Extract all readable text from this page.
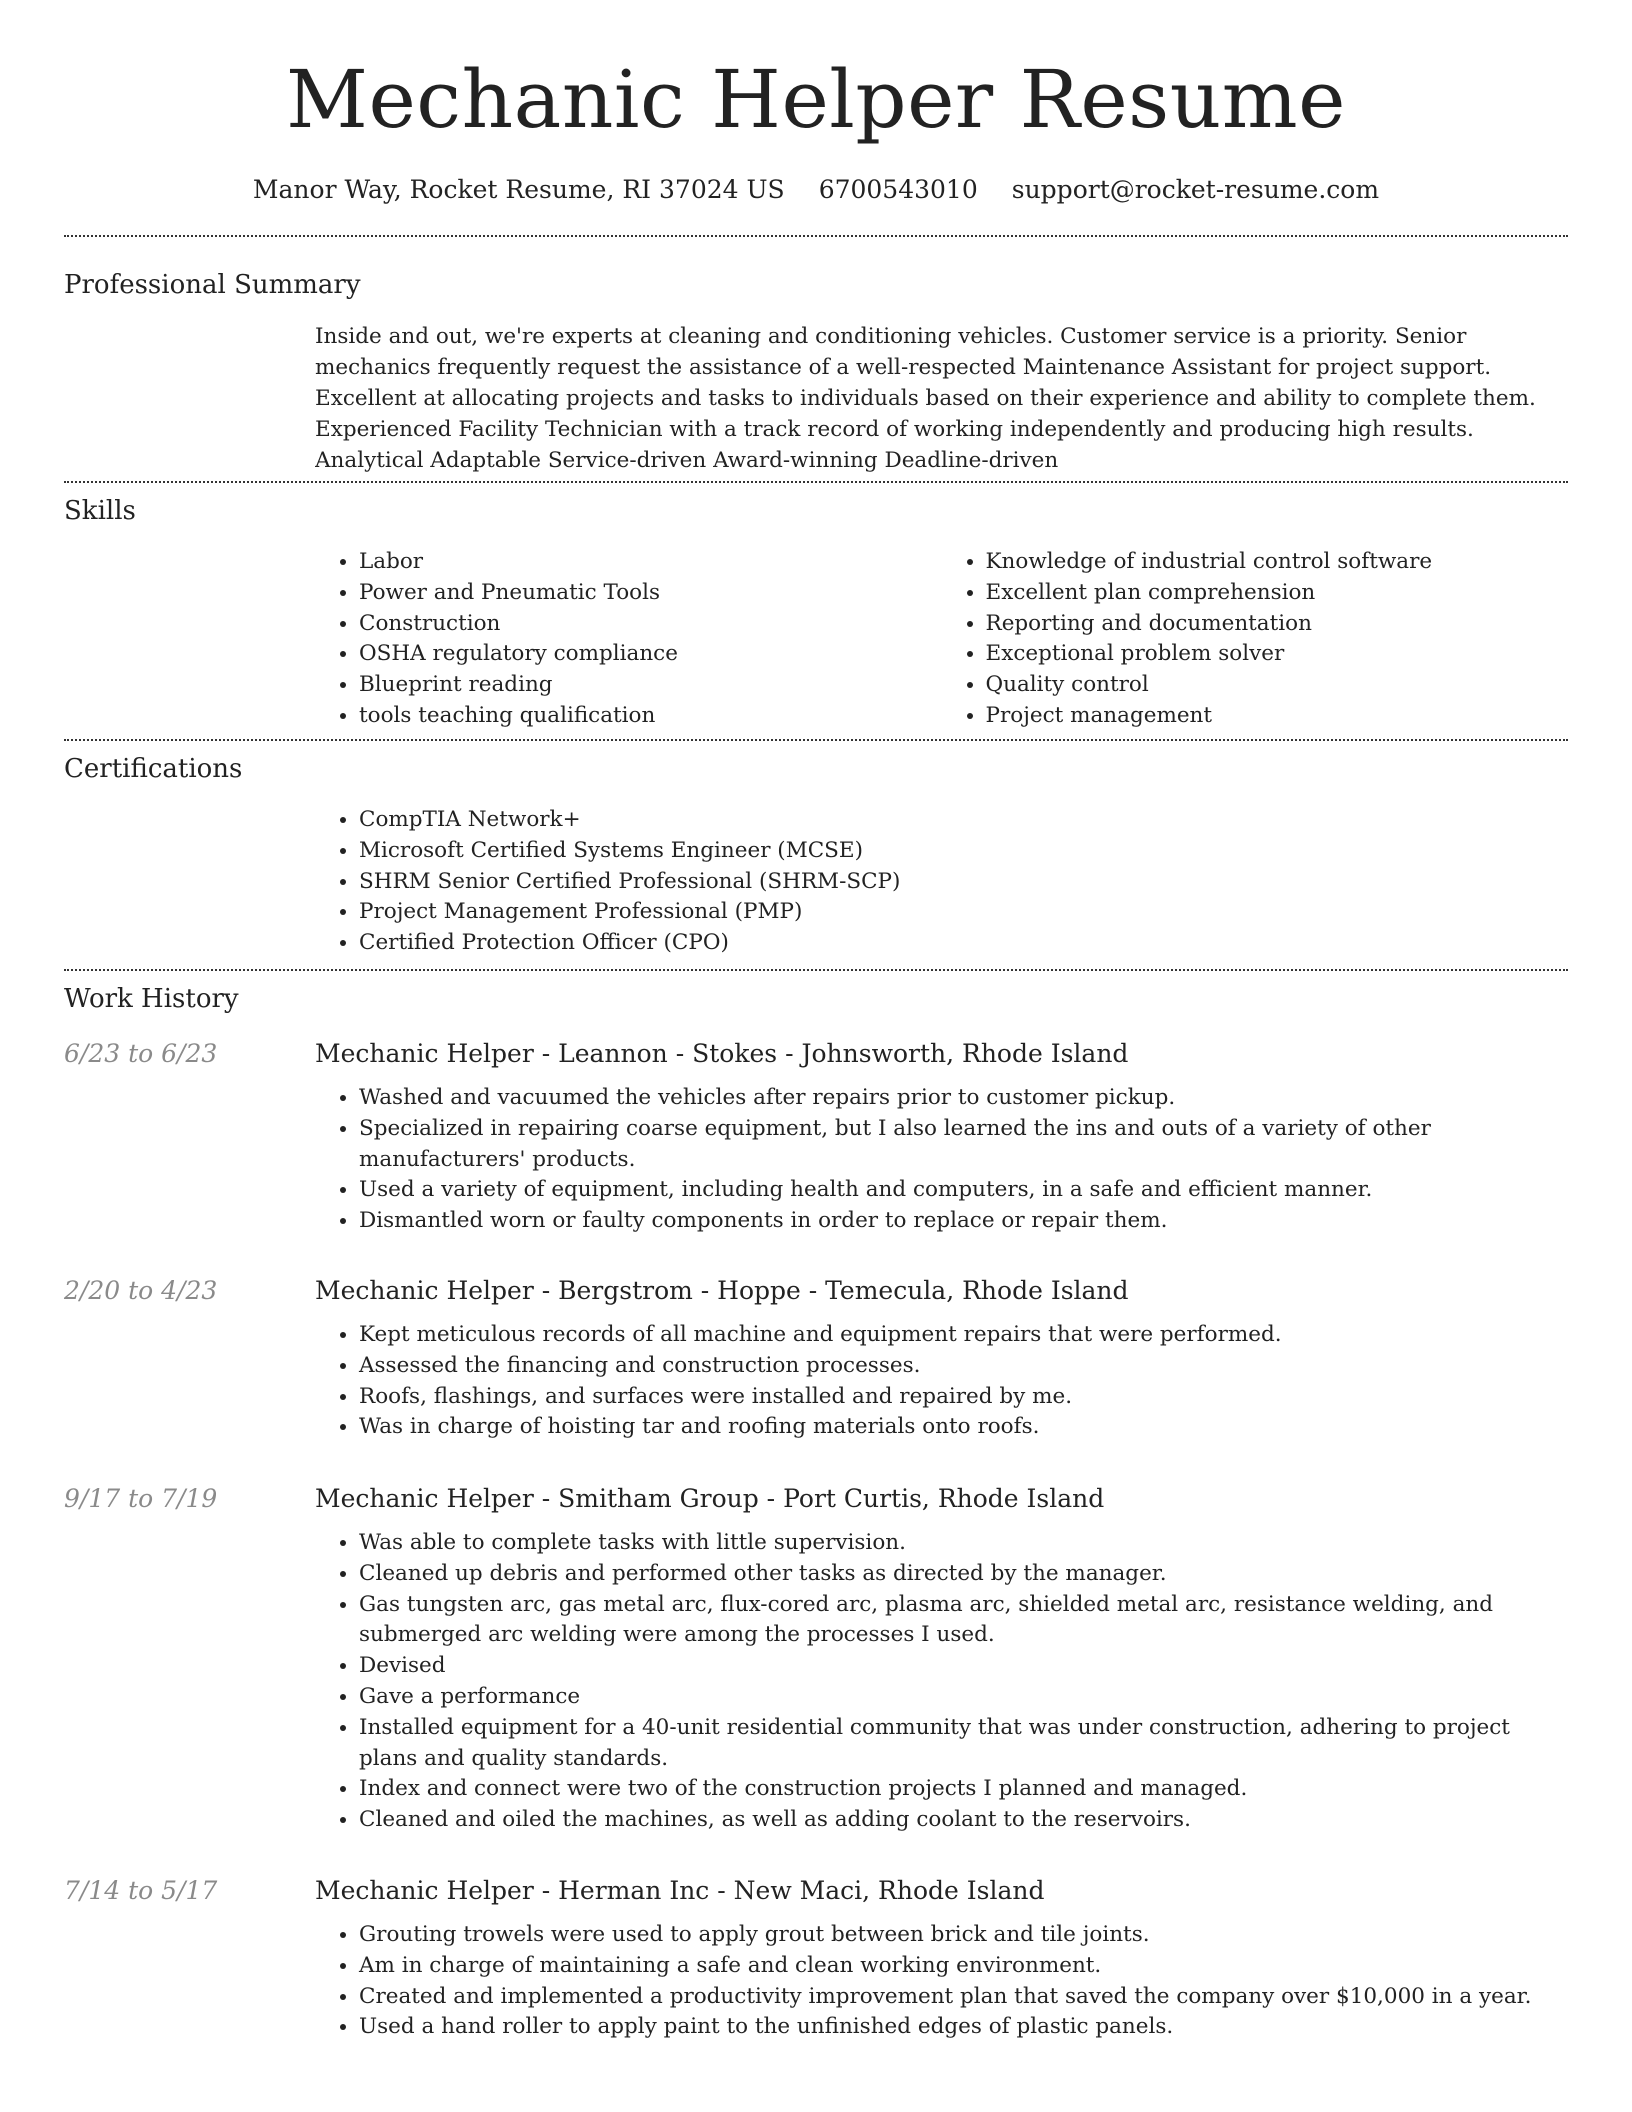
Mechanic Helper Resume
Manor Way, Rocket Resume, RI 37024 US 6700543010 support@rocket-resume.com
Professional Summary
Inside and out, we're experts at cleaning and conditioning vehicles. Customer service is a priority. Senior mechanics frequently request the assistance of a well-respected Maintenance Assistant for project support. Excellent at allocating projects and tasks to individuals based on their experience and ability to complete them. Experienced Facility Technician with a track record of working independently and producing high results. Analytical Adaptable Service-driven Award-winning Deadline-driven
Skills
• Labor
• Power and Pneumatic Tools
• Construction
• OSHA regulatory compliance
• Blueprint reading
• tools teaching qualification
• Knowledge of industrial control software
• Excellent plan comprehension
• Reporting and documentation
• Exceptional problem solver
• Quality control
• Project management
Certifications
• CompTIA Network+
• Microsoft Certified Systems Engineer (MCSE)
• SHRM Senior Certified Professional (SHRM-SCP)
• Project Management Professional (PMP)
• Certified Protection Officer (CPO)
Work History
6/23 to 6/23	Mechanic Helper - Leannon - Stokes - Johnsworth, Rhode Island
• Washed and vacuumed the vehicles after repairs prior to customer pickup.
• Specialized in repairing coarse equipment, but I also learned the ins and outs of a variety of other manufacturers' products.
• Used a variety of equipment, including health and computers, in a safe and efficient manner.
• Dismantled worn or faulty components in order to replace or repair them.
2/20 to 4/23	Mechanic Helper - Bergstrom - Hoppe - Temecula, Rhode Island
• Kept meticulous records of all machine and equipment repairs that were performed.
• Assessed the financing and construction processes.
• Roofs, flashings, and surfaces were installed and repaired by me.
• Was in charge of hoisting tar and roofing materials onto roofs.
9/17 to 7/19	Mechanic Helper - Smitham Group - Port Curtis, Rhode Island
• Was able to complete tasks with little supervision.
• Cleaned up debris and performed other tasks as directed by the manager.
• Gas tungsten arc, gas metal arc, flux-cored arc, plasma arc, shielded metal arc, resistance welding, and submerged arc welding were among the processes I used.
• Devised
• Gave a performance
• Installed equipment for a 40-unit residential community that was under construction, adhering to project plans and quality standards.
• Index and connect were two of the construction projects I planned and managed.
• Cleaned and oiled the machines, as well as adding coolant to the reservoirs.
7/14 to 5/17	Mechanic Helper - Herman Inc - New Maci, Rhode Island
• Grouting trowels were used to apply grout between brick and tile joints.
• Am in charge of maintaining a safe and clean working environment.
• Created and implemented a productivity improvement plan that saved the company over $10,000 in a year.
• Used a hand roller to apply paint to the unfinished edges of plastic panels.
